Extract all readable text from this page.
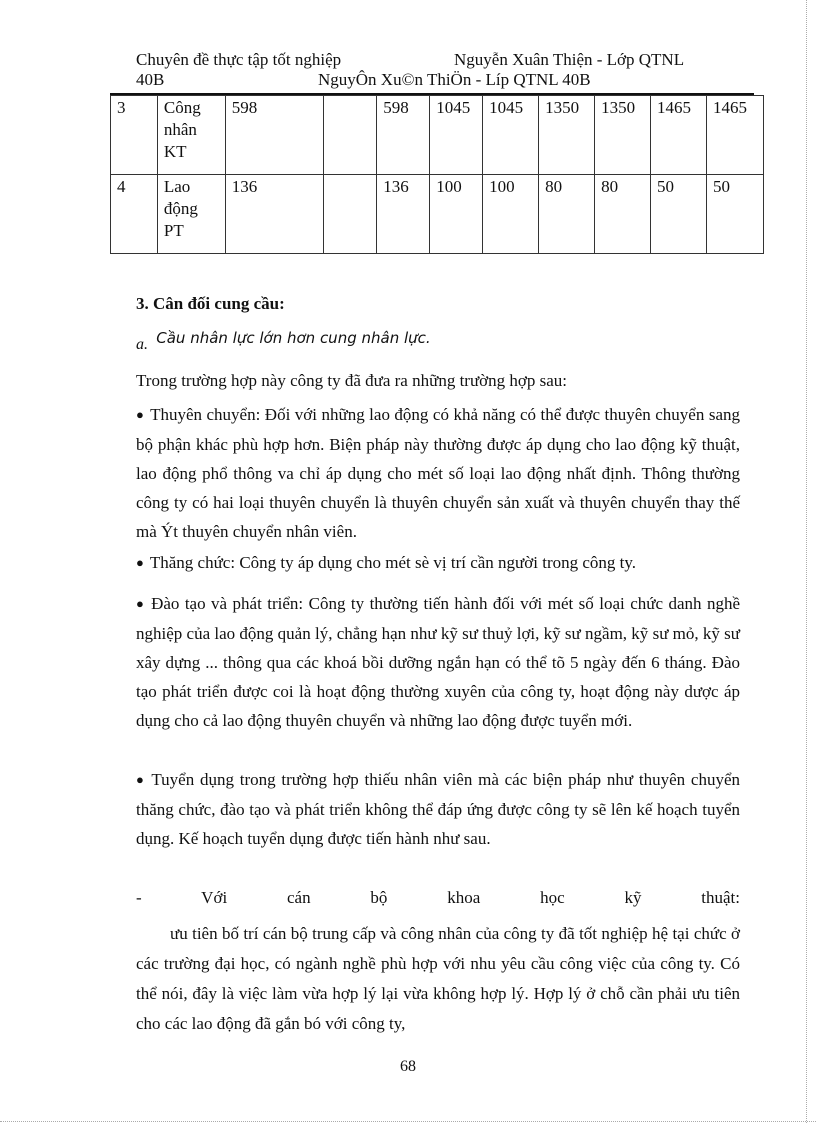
Chuyên đề thực tập tốt nghiệp	Nguyễn Xuân Thiện - Lớp QTNL
40B	NguyÔn Xu©n ThiÖn - Líp QTNL 40B
3	Công nhân KT	598		598	1045	1045	1350	1350	1465	1465
4	Lao động PT	136		136	100	100	80	80	50	50
3. Cân đối cung cầu:
a. Cầu nhân lực lớn hơn cung nhân lực.
Trong trường hợp này công ty đã đưa ra những trường hợp sau:
● Thuyên chuyển: Đối với những lao động có khả năng có thể được thuyên chuyển sang bộ phận khác phù hợp hơn. Biện pháp này thường được áp dụng cho lao động kỹ thuật, lao động phổ thông va chỉ áp dụng cho mét số loại lao động nhất định. Thông thường công ty có hai loại thuyên chuyển là thuyên chuyển sản xuất và thuyên chuyển thay thế mà Ýt thuyên chuyển nhân viên.
● Thăng chức: Công ty áp dụng cho mét sè vị trí cần người trong công ty.
● Đào tạo và phát triển: Công ty thường tiến hành đối với mét số loại chức danh nghề nghiệp của lao động quản lý, chẳng hạn như kỹ sư thuỷ lợi, kỹ sư ngầm, kỹ sư mỏ, kỹ sư xây dựng ... thông qua các khoá bồi dưỡng ngắn hạn có thể tõ 5 ngày đến 6 tháng. Đào tạo phát triển được coi là hoạt động thường xuyên của công ty, hoạt động này dược áp dụng cho cả lao động thuyên chuyển và những lao động được tuyển mới.
● Tuyển dụng trong trường hợp thiếu nhân viên mà các biện pháp như thuyên chuyển thăng chức, đào tạo và phát triển không thể đáp ứng được công ty sẽ lên kế hoạch tuyển dụng. Kế hoạch tuyển dụng được tiến hành như sau.
- Với cán bộ khoa học kỹ thuật:
ưu tiên bố trí cán bộ trung cấp và công nhân của công ty đã tốt nghiệp hệ tại chức ở các trường đại học, có ngành nghề phù hợp với nhu yêu cầu công việc của công ty. Có thể nói, đây là việc làm vừa hợp lý lại vừa không hợp lý. Hợp lý ở chỗ cần phải ưu tiên cho các lao động đã gắn bó với công ty,
68
